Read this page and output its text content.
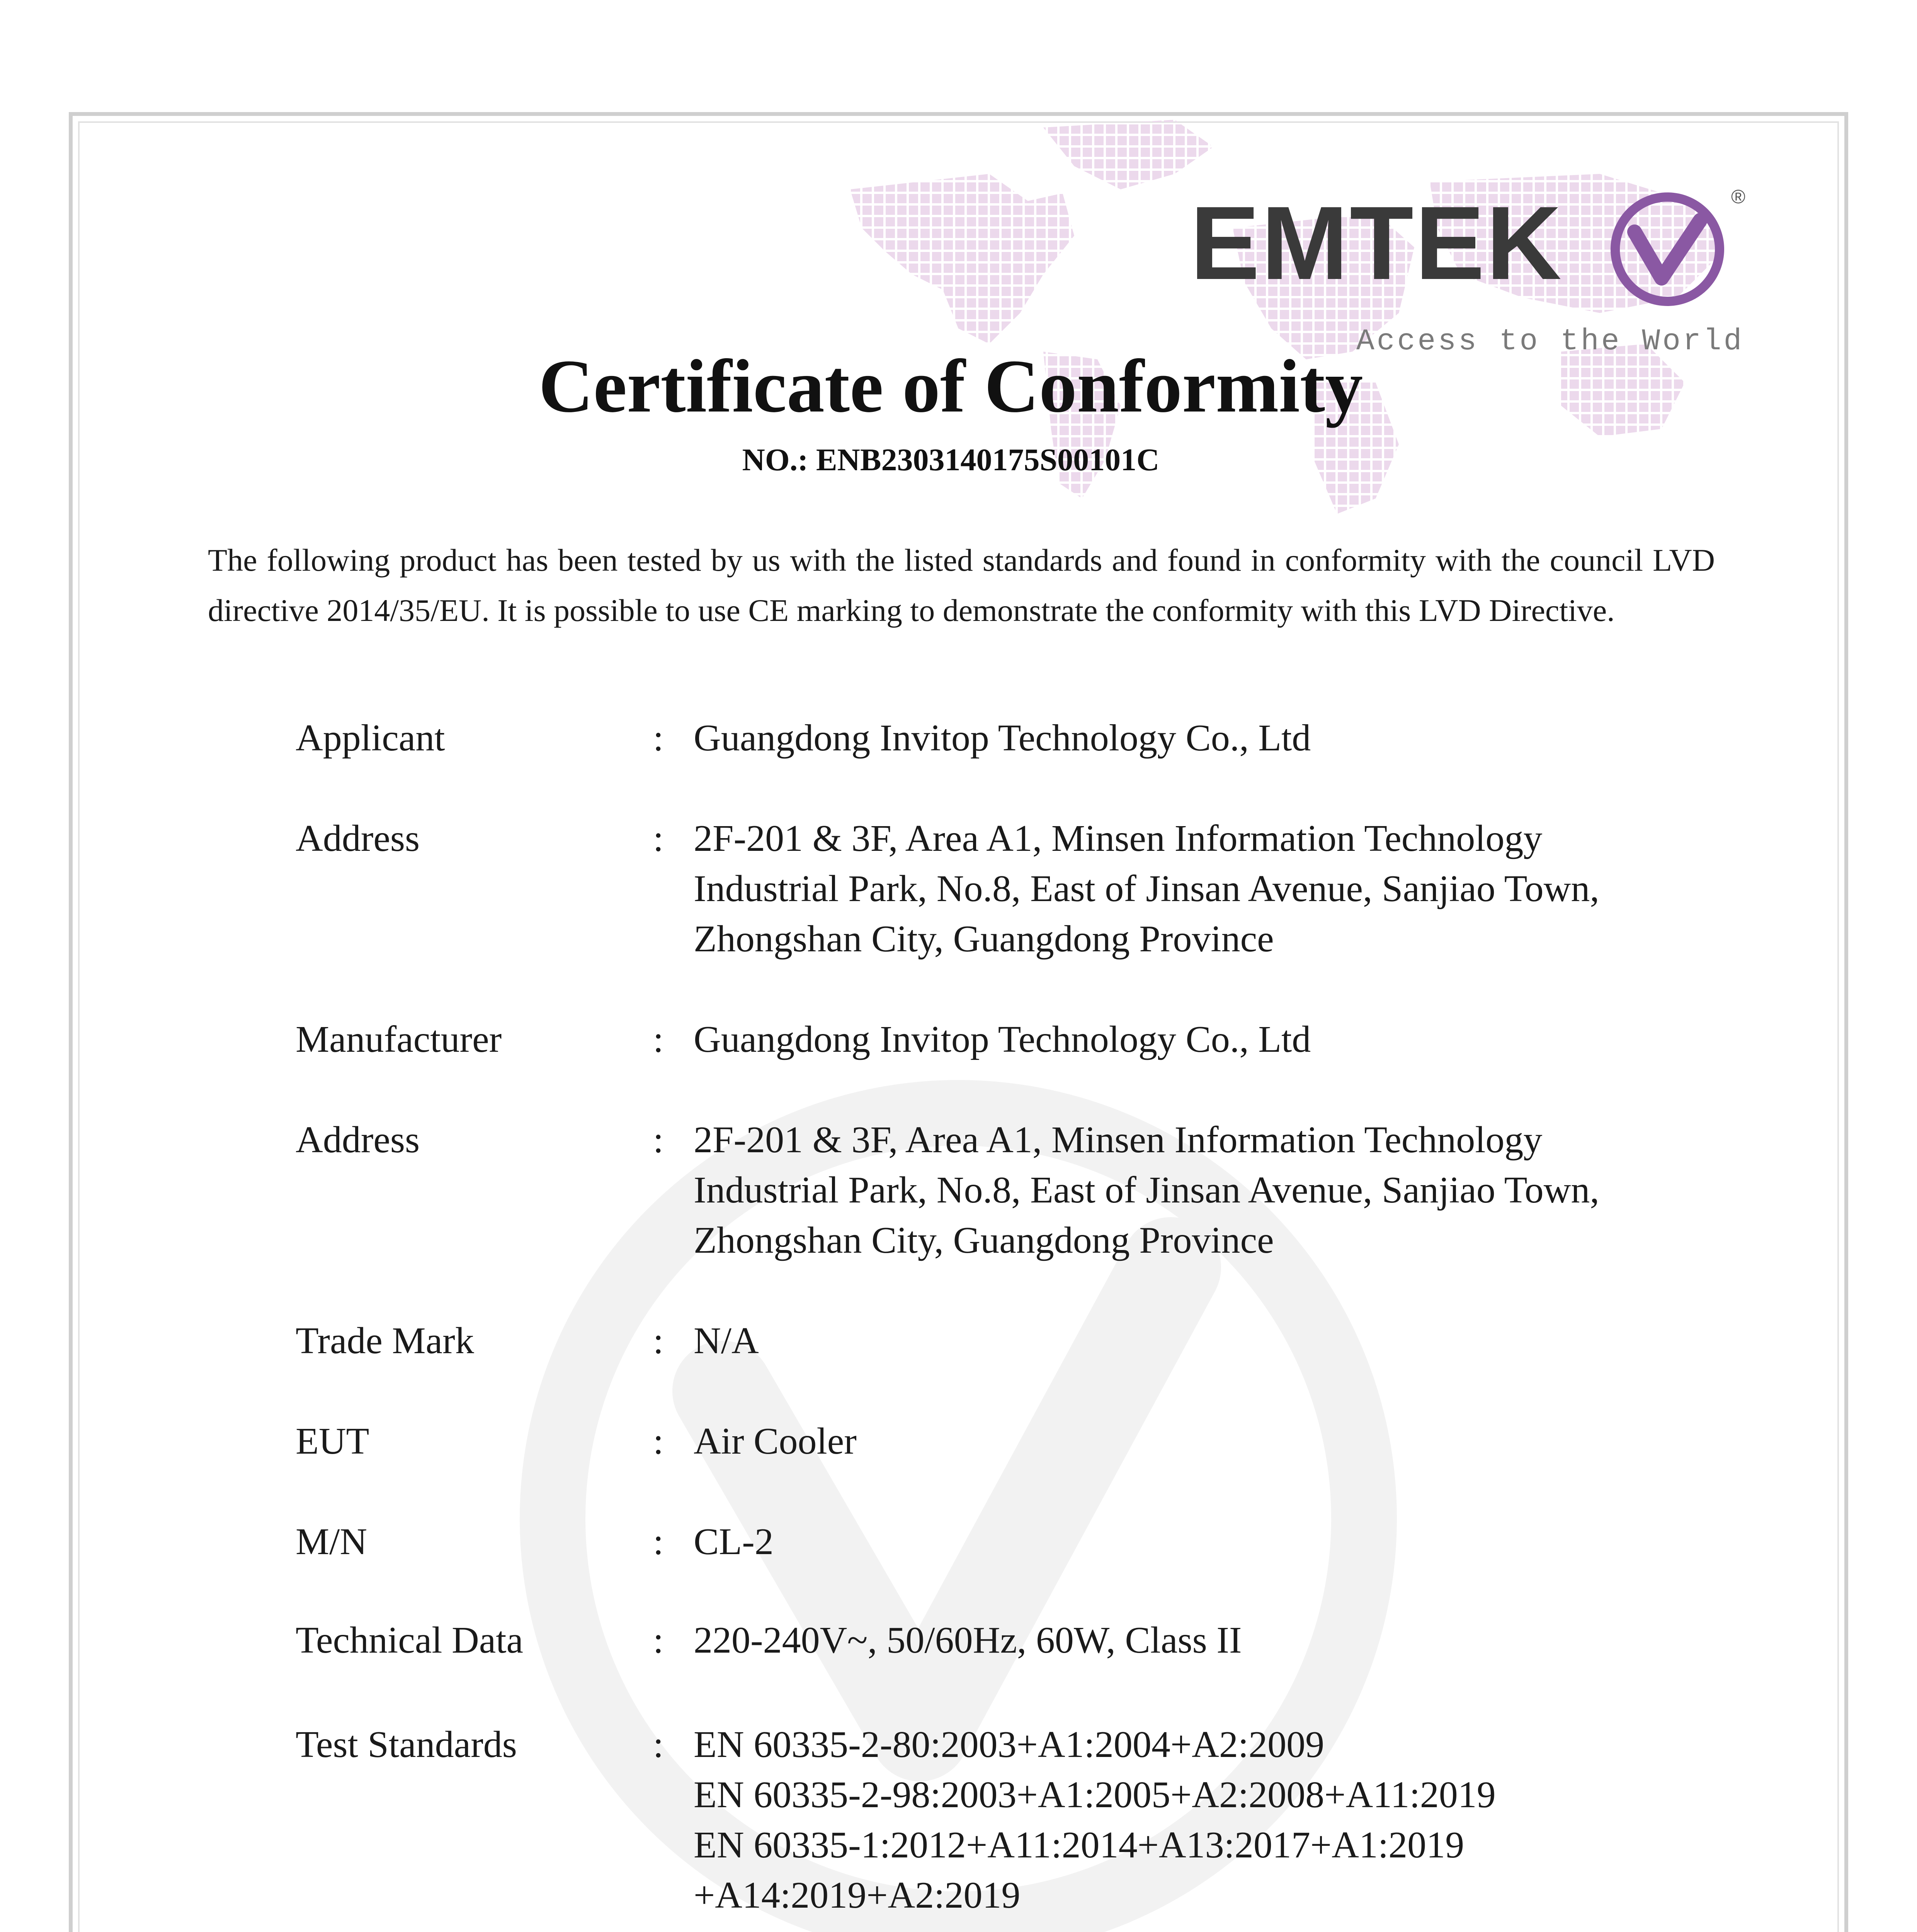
EMTEK	®
Access to the World
Certificate of Conformity
NO.: ENB2303140175S00101C
The following product has been tested by us with the listed standards and found in conformity with the council LVD directive 2014/35/EU. It is possible to use CE marking to demonstrate the conformity with this LVD Directive.
Applicant	: Guangdong Invitop Technology Co., Ltd
Address	: 2F-201 & 3F, Area A1, Minsen Information Technology
Industrial Park, No.8, East of Jinsan Avenue, Sanjiao Town,
Zhongshan City, Guangdong Province
Manufacturer	: Guangdong Invitop Technology Co., Ltd
Address	: 2F-201 & 3F, Area A1, Minsen Information Technology
Industrial Park, No.8, East of Jinsan Avenue, Sanjiao Town,
Zhongshan City, Guangdong Province
Trade Mark	: N/A
EUT	: Air Cooler
M/N	: CL-2
Technical Data	: 220-240V~, 50/60Hz, 60W, Class II
Test Standards	: EN 60335-2-80:2003+A1:2004+A2:2009
EN 60335-2-98:2003+A1:2005+A2:2008+A11:2019
EN 60335-1:2012+A11:2014+A13:2017+A1:2019
+A14:2019+A2:2019
